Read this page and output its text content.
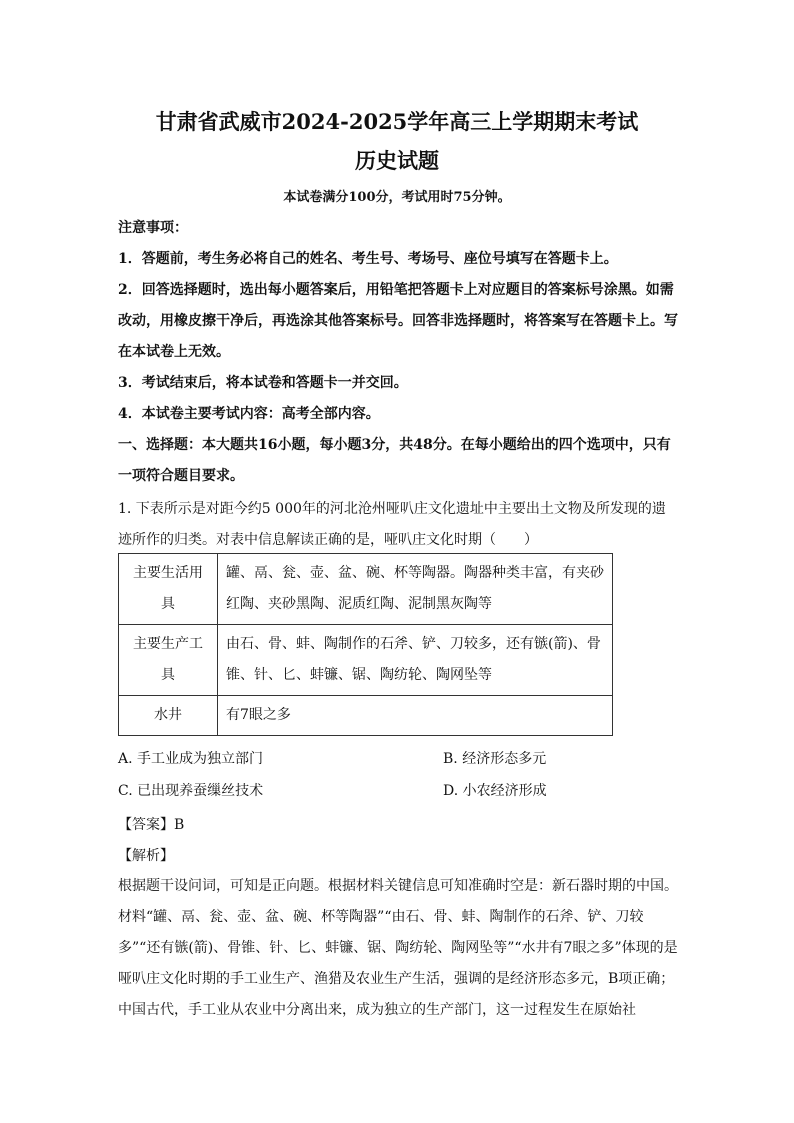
甘肃省武威市2024-2025学年高三上学期期末考试
历史试题
本试卷满分100分，考试用时75分钟。
注意事项：
1．答题前，考生务必将自己的姓名、考生号、考场号、座位号填写在答题卡上。
2．回答选择题时，选出每小题答案后，用铅笔把答题卡上对应题目的答案标号涂黑。如需改动，用橡皮擦干净后，再选涂其他答案标号。回答非选择题时，将答案写在答题卡上。写在本试卷上无效。
3．考试结束后，将本试卷和答题卡一并交回。
4．本试卷主要考试内容：高考全部内容。
一、选择题：本大题共16小题，每小题3分，共48分。在每小题给出的四个选项中，只有一项符合题目要求。
1. 下表所示是对距今约5 000年的河北沧州哑叭庄文化遗址中主要出土文物及所发现的遗迹所作的归类。对表中信息解读正确的是，哑叭庄文化时期（　　）
主要生活用具	罐、鬲、瓮、壶、盆、碗、杯等陶器。陶器种类丰富，有夹砂红陶、夹砂黑陶、泥质红陶、泥制黑灰陶等
主要生产工具	由石、骨、蚌、陶制作的石斧、铲、刀较多，还有镞(箭)、骨锥、针、匕、蚌镰、锯、陶纺轮、陶网坠等
水井	有7眼之多
A. 手工业成为独立部门	B. 经济形态多元
C. 已出现养蚕缫丝技术	D. 小农经济形成
【答案】B
【解析】
根据题干设问词，可知是正向题。根据材料关键信息可知准确时空是：新石器时期的中国。材料“罐、鬲、瓮、壶、盆、碗、杯等陶器”“由石、骨、蚌、陶制作的石斧、铲、刀较多”“还有镞(箭)、骨锥、针、匕、蚌镰、锯、陶纺轮、陶网坠等”“水井有7眼之多”体现的是哑叭庄文化时期的手工业生产、渔猎及农业生产生活，强调的是经济形态多元，B项正确；中国古代，手工业从农业中分离出来，成为独立的生产部门，这一过程发生在原始社
